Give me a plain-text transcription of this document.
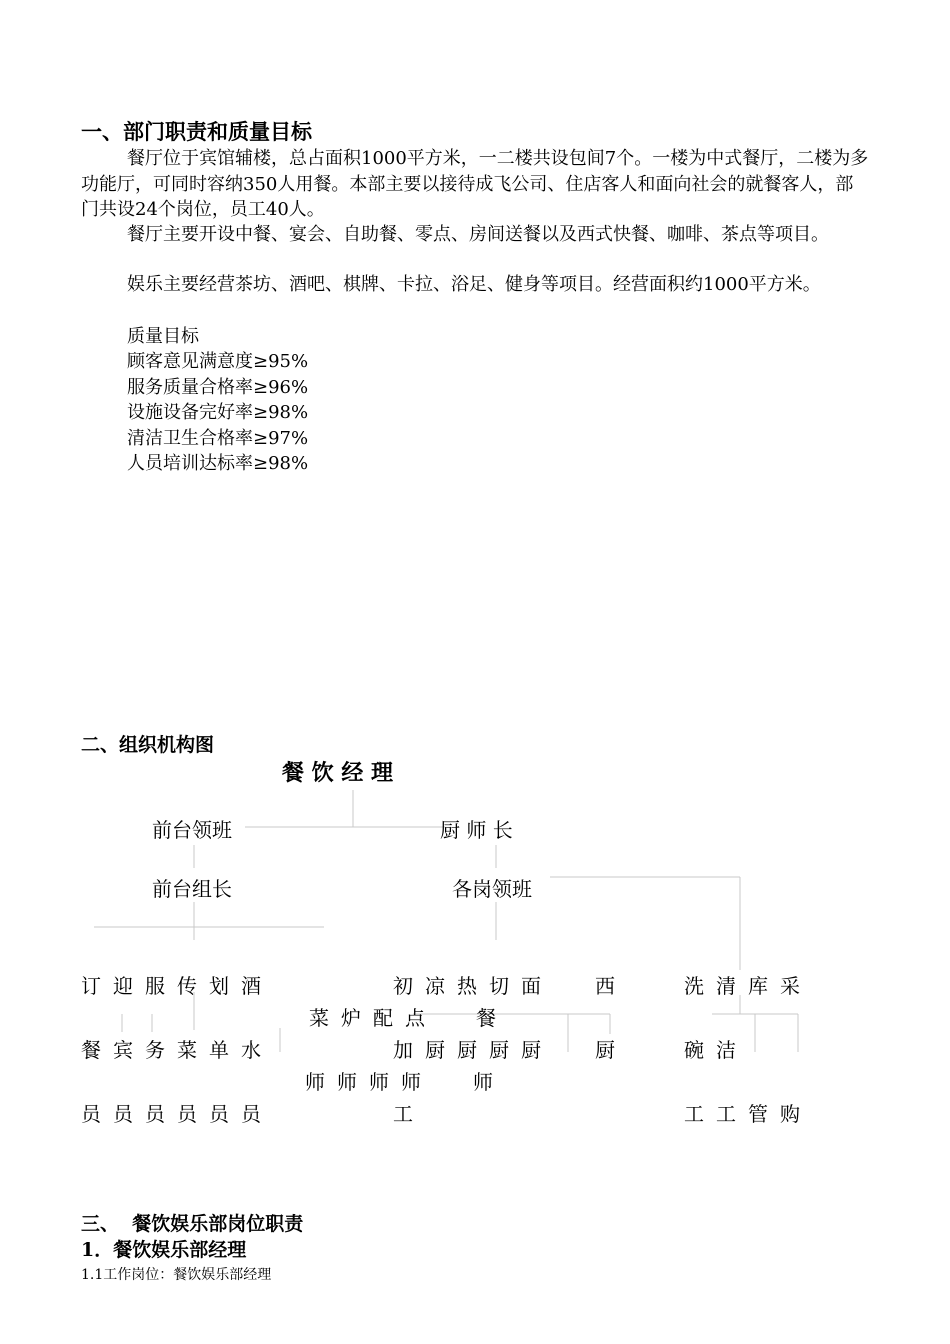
一、部门职责和质量目标
餐厅位于宾馆辅楼，总占面积1000平方米，一二楼共设包间7个。一楼为中式餐厅，二楼为多功能厅，可同时容纳350人用餐。本部主要以接待成飞公司、住店客人和面向社会的就餐客人，部门共设24个岗位，员工40人。
餐厅主要开设中餐、宴会、自助餐、零点、房间送餐以及西式快餐、咖啡、茶点等项目。
娱乐主要经营茶坊、酒吧、棋牌、卡拉、浴足、健身等项目。经营面积约1000平方米。
质量目标
顾客意见满意度≥95%
服务质量合格率≥96%
设施设备完好率≥98%
清洁卫生合格率≥97%
人员培训达标率≥98%
二、组织机构图
餐 饮 经 理
前台领班	厨 师 长
前台组长	各岗领班
订迎服传划酒
餐宾务菜单水
员员员员员员
初凉热切面 西
菜炉配点 餐
加厨厨厨厨 厨
师师师师 师
工
洗清库采
碗洁
工工管购
三、  餐饮娱乐部岗位职责
1．餐饮娱乐部经理
1.1工作岗位：餐饮娱乐部经理
